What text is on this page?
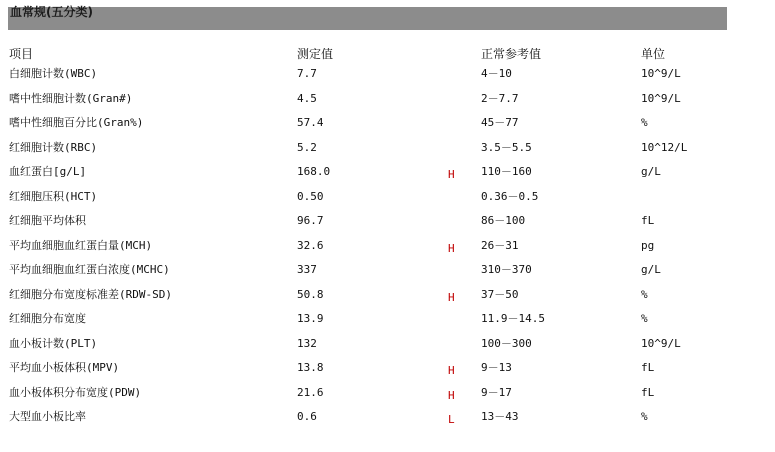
血常规(五分类)
项目	测定值	正常参考值	单位
白细胞计数(WBC)	7.7	4－10	10^9/L
嗜中性细胞计数(Gran#)	4.5	2－7.7	10^9/L
嗜中性细胞百分比(Gran%)	57.4	45－77	%
红细胞计数(RBC)	5.2	3.5－5.5	10^12/L
血红蛋白[g/L]	168.0	H 110－160	g/L
红细胞压积(HCT)	0.50	0.36－0.5
红细胞平均体积	96.7	86－100	fL
平均血细胞血红蛋白量(MCH)	32.6	H 26－31	pg
平均血细胞血红蛋白浓度(MCHC)	337	310－370	g/L
红细胞分布宽度标准差(RDW-SD)	50.8	H 37－50	%
红细胞分布宽度	13.9	11.9－14.5	%
血小板计数(PLT)	132	100－300	10^9/L
平均血小板体积(MPV)	13.8	H 9－13	fL
血小板体积分布宽度(PDW)	21.6	H 9－17	fL
大型血小板比率	0.6	L 13－43	%
